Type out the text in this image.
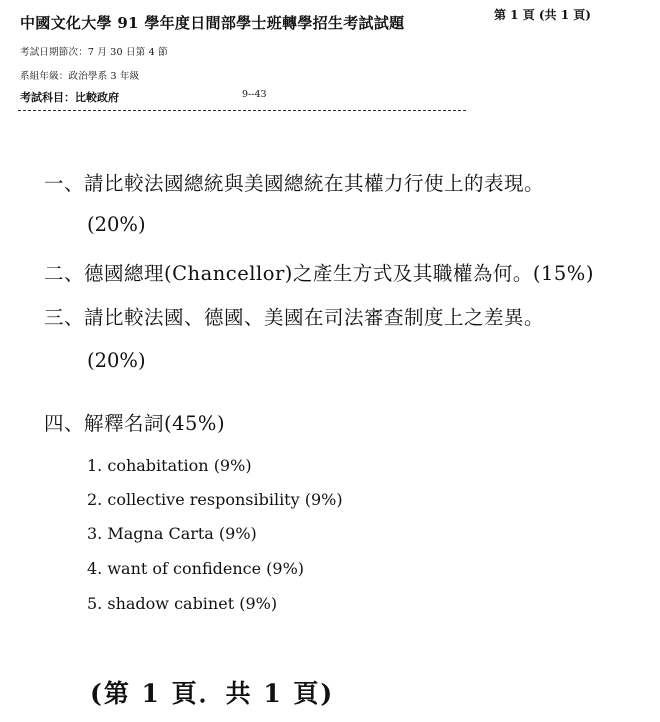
中國文化大學 91 學年度日間部學士班轉學招生考試試題	第 1 頁 (共 1 頁)
考試日期節次：7 月 30 日第 4 節
系組年級：政治學系 3 年級
考試科目：比較政府	9--43
一、請比較法國總統與美國總統在其權力行使上的表現。
(20%)
二、德國總理(Chancellor)之產生方式及其職權為何。(15%)
三、請比較法國、德國、美國在司法審查制度上之差異。
(20%)
四、解釋名詞(45%)
1. cohabitation (9%)
2. collective responsibility (9%)
3. Magna Carta (9%)
4. want of confidence (9%)
5. shadow cabinet (9%)
(第 1 頁．共 1 頁)
